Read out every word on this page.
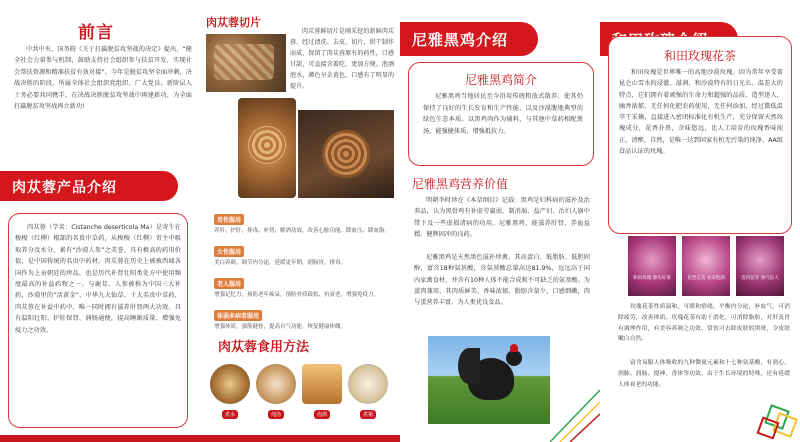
前言
中共中央、国务院《关于打赢脱贫攻坚战的决定》提出，“健全社会力量参与机制，鼓励支持社会组织参与扶贫开发，实现社会帮扶资源和精准扶贫有效对接”。今年是脱贫攻坚全面冲刺、决战决胜的阶段，所属全体社会组织党组织、广大党员、新阶层人士务必要共同携手，在决战决胜脱贫攻坚战中再建新功，为全面打赢脱贫攻坚战再立新功!
肉苁蓉产品介绍
肉苁蓉（学名：Cistanche deserticola Ma）是寄生在梭梭（红柳）根部的名贵中草药，从梭梭（红柳）寄主中吸取养分及水分。素有“沙漠人参”之美誉，具有极高的药用价值，是中国传统的名贵中药材。肉苁蓉在历史上被被西域各国作为上贡朝廷的珍品，也是历代补肾壮阳类处方中使用频度最高的补益药物之一。与鹿茸、人参被称为中国三大补药，沙漠里的“活黄金”，中华九大仙草、十大名贵中草药，肉苁蓉在补益中药中，唯一同时拥有滋养肝肾两大功效。具有温阳壮阳、护肝保肾、润肠通便，提高睡眠质量、增强免疫力之功效。
肉苁蓉切片
肉苁蓉鲜切片是刚采挖的新鲜肉苁蓉，经过清洗、去皮、切片，烘干制作而成，保留了肉苁蓉原有的药性，口感甘甜，可直接含着吃，更加方便。泡酒泡水，颜色呈金黄色，口感有了明显的提升。
男性服用
养肝、护肝、排毒、补肾、解酒功效，改善心脏功能、降血压、降血脂。
女性服用
美白养颜，调节内分泌，延缓更年期，润肠胃，排毒。
老人服用
增强记忆力，预防老年痴呆，预防骨质疏松、抗衰老，增强免疫力。
体弱多病者服用
增强体质，强筋健骨，提高自气功能，恢复健康体魄。
肉苁蓉食用方法
煮水	炖汤	泡酒	煮粥
尼雅黑鸡介绍
尼雅黑鸡简介
尼雅黑鸡当地居民至今沿用传统粗放式散养，使其仍保持了良好的生长发育和生产性能，以及沙漠腹地典型的绿色生态本质。以黑鸡肉作为辅料，与其他中草药相配煲汤，能强健体质，增强抵抗力。
尼雅黑鸡营养价值
明朝李时珍在《本草纲目》记载：黑鸡是妇科病的滋补及治养品，认为黑骨鸡有补虚劳羸弱、制消渴、益产妇、治妇人崩中带下及一些虚损诸病的功用。尼雅黑鸡，能滋养肝肾、养血益精、健脾固冲的良药。
尼雅黑鸡是天然黑色滋补珍禽，其高蛋白、低脂肪、低胆固醇，富含18种氨基酸，含氨基酸总量高达81.9%，远远高于国内家禽食材，并含有10种人体不能合成和不可缺乏的氨基酸。为蛋肉兼用，其肉质鲜美、香味浓郁、脂肪含量少，口感细嫩，肉与蛋营养丰富，为人类优良食品。
和田玫瑰花茶
和田玫瑰是世界唯一的高地沙漠玫瑰。因为常年享受着昆仑山雪水的浸灌、滋润，和沙漠特有的日光长、温差大的特点，它们拥有着顽强的生命力和超强的品质，造型迷人，幽香浓郁，无任何化肥农药使用，无任何添加，经过微低温萃干采摘，直接进入密闭标准化有机生产，充分保留天然玫瑰成分，花香扑鼻，余味悠远，比人工培育的玫瑰香味纯正，清醉，自然，是唯一达到国家有机无污染的纯净、AA级食品认证的玫瑰。
和田玫瑰 源头好茶	花型完美 朵朵饱满	选用花芽 香气沁人
玫瑰花茶性质温和，可缓和情绪，平衡内分泌，补血气，可消除疲劳，改善体质。玫瑰花茶有助于消化，可消除脂肪，对肝及胃有调理作用，有美容养颜之功效，常饮可去除皮肤的黑斑，令皮肤嫩白自然。
富含易服人体吸收的九种微量元素和十七种氨基酸，有润心、润肺、润肠、提神、香体等功效，由于生长环境的特殊，还有延缓人体衰老的功能。
